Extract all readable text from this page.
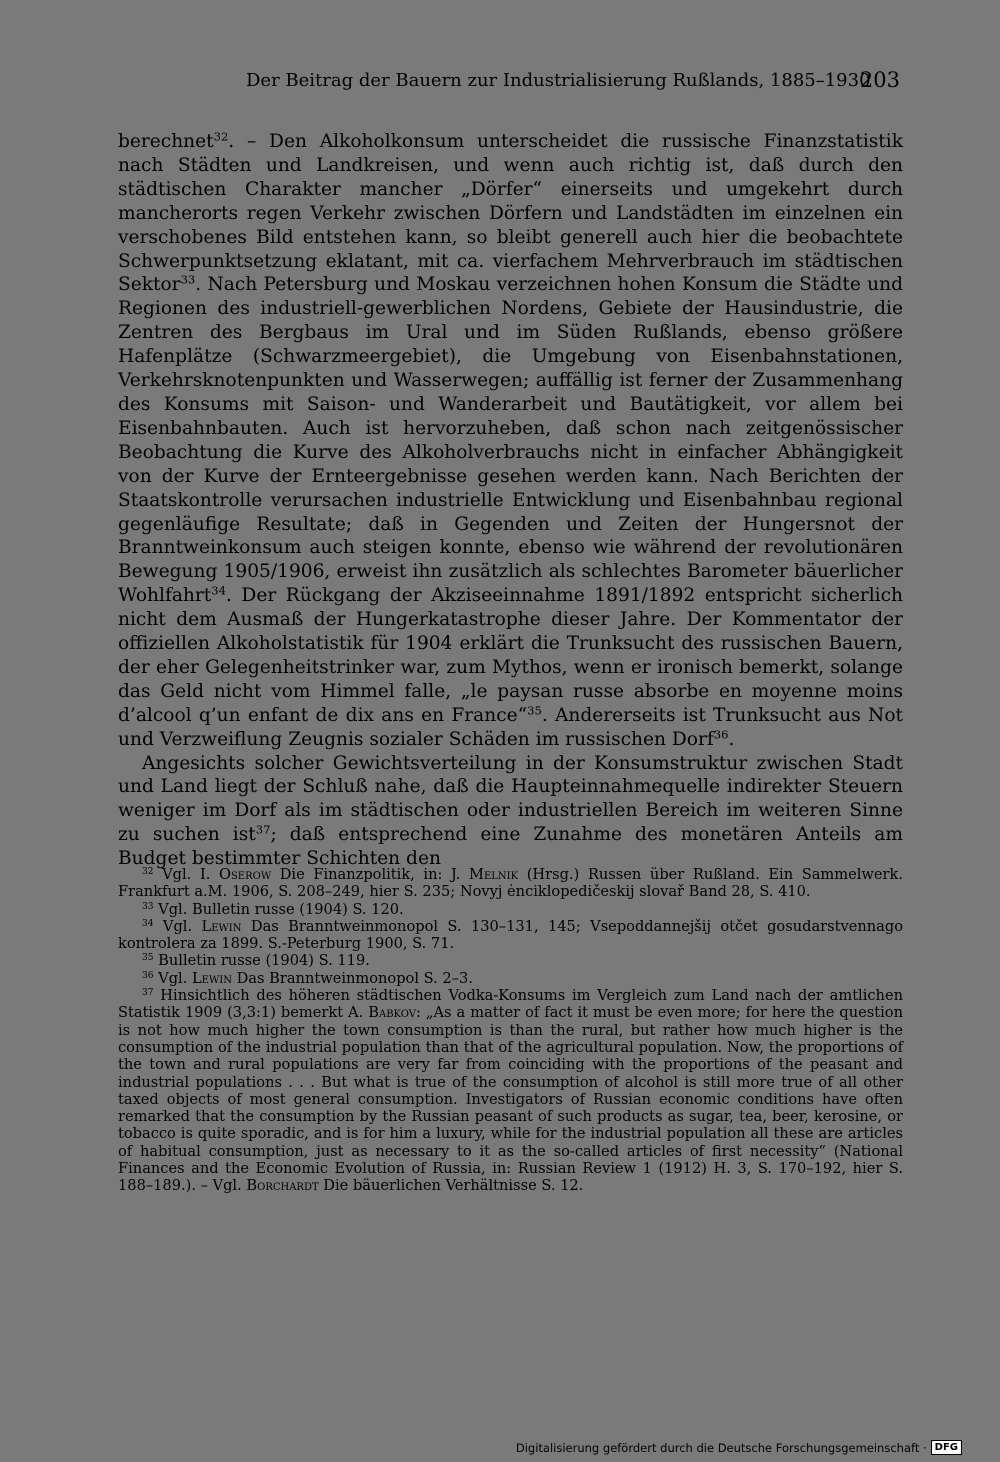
Der Beitrag der Bauern zur Industrialisierung Rußlands, 1885–1930
203

berechnet$^{32}$. – Den Alkoholkonsum unterscheidet die russische Finanzstatistik nach Städten und Landkreisen, und wenn auch richtig ist, daß durch den städtischen Charakter mancher „Dörfer“ einerseits und umgekehrt durch mancherorts regen Verkehr zwischen Dörfern und Landstädten im einzelnen ein verschobenes Bild entstehen kann, so bleibt generell auch hier die beobachtete Schwerpunktsetzung eklatant, mit ca. vierfachem Mehrverbrauch im städtischen Sektor$^{33}$. Nach Petersburg und Moskau verzeichnen hohen Konsum die Städte und Regionen des industriell-gewerblichen Nordens, Gebiete der Hausindustrie, die Zentren des Bergbaus im Ural und im Süden Rußlands, ebenso größere Hafenplätze (Schwarzmeergebiet), die Umgebung von Eisenbahnstationen, Verkehrsknotenpunkten und Wasserwegen; auffällig ist ferner der Zusammenhang des Konsums mit Saison- und Wanderarbeit und Bautätigkeit, vor allem bei Eisenbahnbauten. Auch ist hervorzuheben, daß schon nach zeitgenössischer Beobachtung die Kurve des Alkoholverbrauchs nicht in einfacher Abhängigkeit von der Kurve der Ernteergebnisse gesehen werden kann. Nach Berichten der Staatskontrolle verursachen industrielle Entwicklung und Eisenbahnbau regional gegenläufige Resultate; daß in Gegenden und Zeiten der Hungersnot der Branntweinkonsum auch steigen konnte, ebenso wie während der revolutionären Bewegung 1905/1906, erweist ihn zusätzlich als schlechtes Barometer bäuerlicher Wohlfahrt$^{34}$. Der Rückgang der Akziseeinnahme 1891/1892 entspricht sicherlich nicht dem Ausmaß der Hungerkatastrophe dieser Jahre. Der Kommentator der offiziellen Alkoholstatistik für 1904 erklärt die Trunksucht des russischen Bauern, der eher Gelegenheitstrinker war, zum Mythos, wenn er ironisch bemerkt, solange das Geld nicht vom Himmel falle, „le paysan russe absorbe en moyenne moins d’alcool q’un enfant de dix ans en France“$^{35}$. Andererseits ist Trunksucht aus Not und Verzweiflung Zeugnis sozialer Schäden im russischen Dorf$^{36}$.

Angesichts solcher Gewichtsverteilung in der Konsumstruktur zwischen Stadt und Land liegt der Schluß nahe, daß die Haupteinnahmequelle indirekter Steuern weniger im Dorf als im städtischen oder industriellen Bereich im weiteren Sinne zu suchen ist$^{37}$; daß entsprechend eine Zunahme des monetären Anteils am Budget bestimmter Schichten den

$^{32}$ Vgl. I. Oserow Die Finanzpolitik, in: J. Melnik (Hrsg.) Russen über Rußland. Ein Sammelwerk. Frankfurt a.M. 1906, S. 208–249, hier S. 235; Novyj ėnciklopedičeskij slovař Band 28, S. 410.

$^{33}$ Vgl. Bulletin russe (1904) S. 120.

$^{34}$ Vgl. Lewin Das Branntweinmonopol S. 130–131, 145; Vsepoddannejšij otčet gosudarstvennago kontrolera za 1899. S.-Peterburg 1900, S. 71.

$^{35}$ Bulletin russe (1904) S. 119.

$^{36}$ Vgl. Lewin Das Branntweinmonopol S. 2–3.

$^{37}$ Hinsichtlich des höheren städtischen Vodka-Konsums im Vergleich zum Land nach der amtlichen Statistik 1909 (3,3:1) bemerkt A. Babkov: „As a matter of fact it must be even more; for here the question is not how much higher the town consumption is than the rural, but rather how much higher is the consumption of the industrial population than that of the agricultural population. Now, the proportions of the town and rural populations are very far from coinciding with the proportions of the peasant and industrial populations . . . But what is true of the consumption of alcohol is still more true of all other taxed objects of most general consumption. Investigators of Russian economic conditions have often remarked that the consumption by the Russian peasant of such products as sugar, tea, beer, kerosine, or tobacco is quite sporadic, and is for him a luxury, while for the industrial population all these are articles of habitual consumption, just as necessary to it as the so-called articles of first necessity“ (National Finances and the Economic Evolution of Russia, in: Russian Review 1 (1912) H. 3, S. 170–192, hier S. 188–189.). – Vgl. Borchardt Die bäuerlichen Verhältnisse S. 12.

Digitalisierung gefördert durch die Deutsche Forschungsgemeinschaft · DFG
